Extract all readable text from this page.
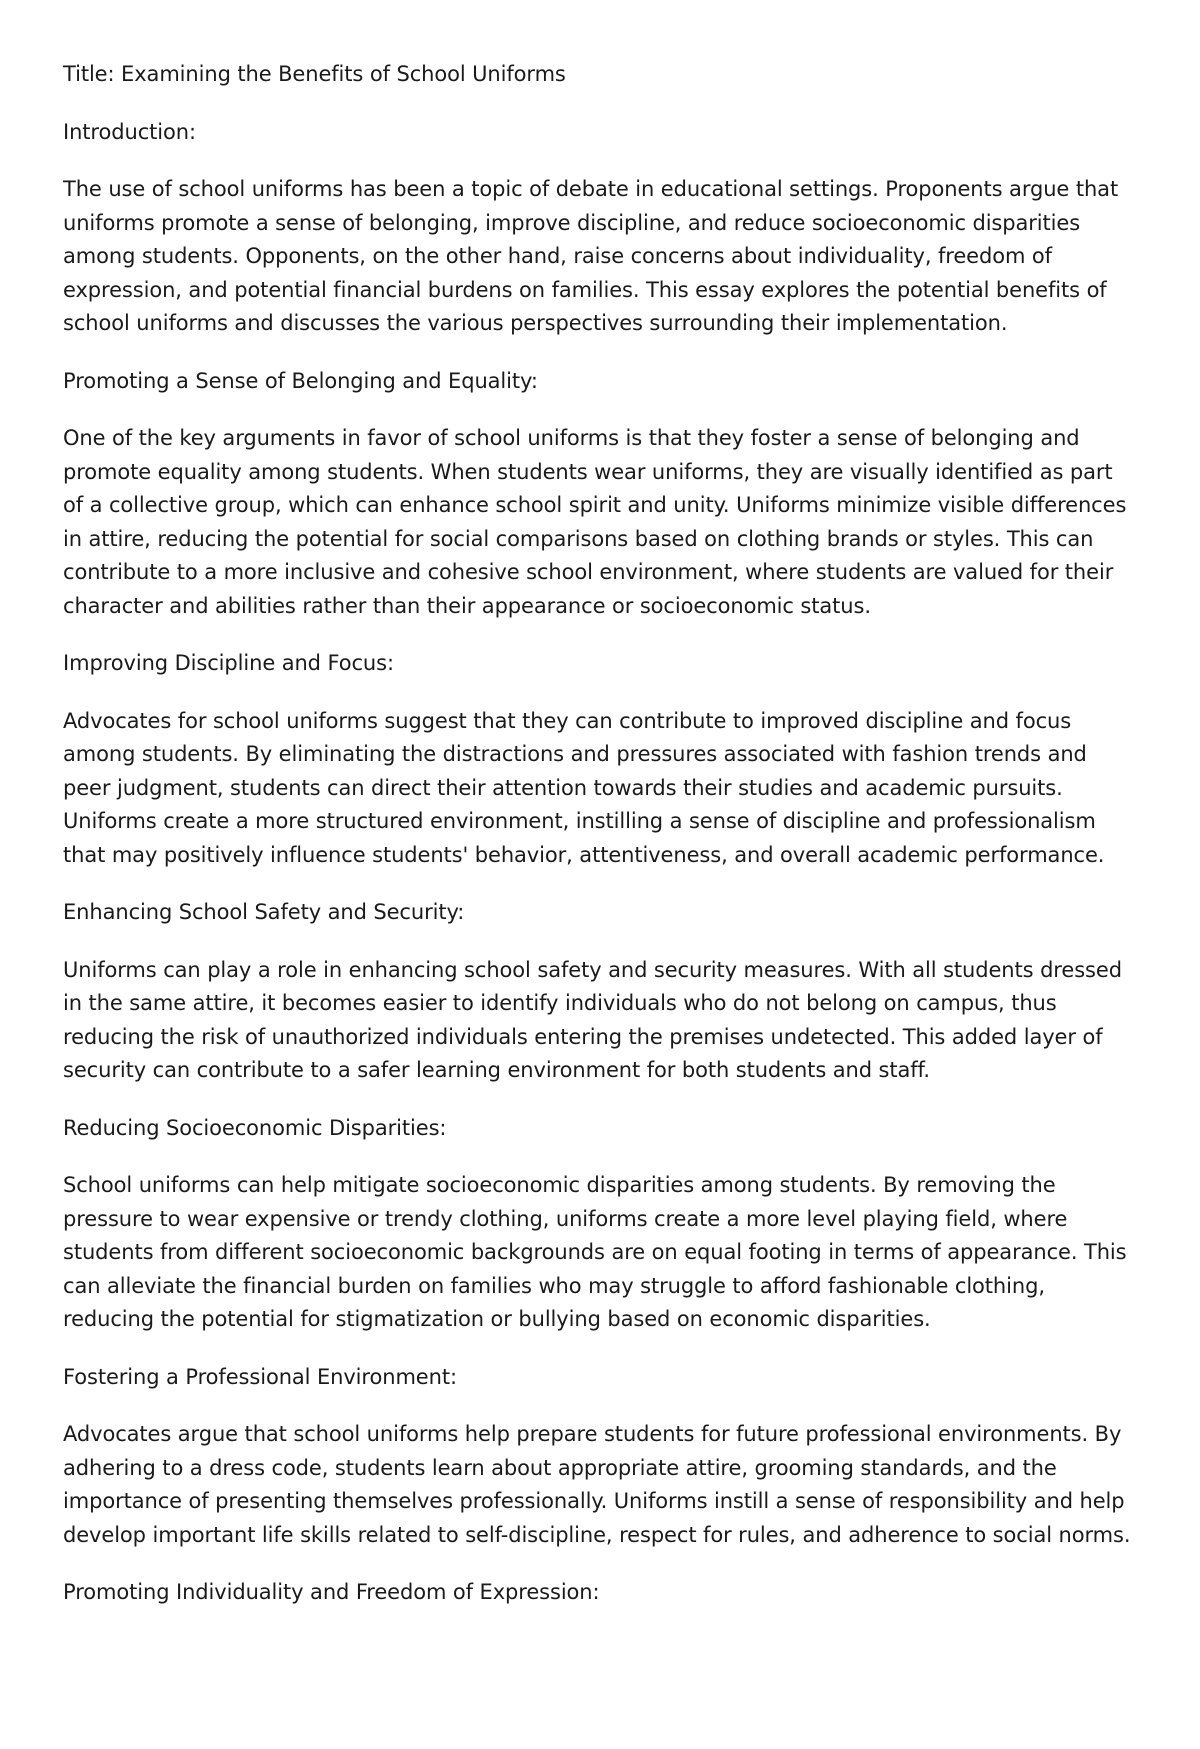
Title: Examining the Benefits of School Uniforms

Introduction:

The use of school uniforms has been a topic of debate in educational settings. Proponents argue that

uniforms promote a sense of belonging, improve discipline, and reduce socioeconomic disparities

among students. Opponents, on the other hand, raise concerns about individuality, freedom of

expression, and potential financial burdens on families. This essay explores the potential benefits of

school uniforms and discusses the various perspectives surrounding their implementation.

Promoting a Sense of Belonging and Equality:

One of the key arguments in favor of school uniforms is that they foster a sense of belonging and

promote equality among students. When students wear uniforms, they are visually identified as part

of a collective group, which can enhance school spirit and unity. Uniforms minimize visible differences

in attire, reducing the potential for social comparisons based on clothing brands or styles. This can

contribute to a more inclusive and cohesive school environment, where students are valued for their

character and abilities rather than their appearance or socioeconomic status.

Improving Discipline and Focus:

Advocates for school uniforms suggest that they can contribute to improved discipline and focus

among students. By eliminating the distractions and pressures associated with fashion trends and

peer judgment, students can direct their attention towards their studies and academic pursuits.

Uniforms create a more structured environment, instilling a sense of discipline and professionalism

that may positively influence students' behavior, attentiveness, and overall academic performance.

Enhancing School Safety and Security:

Uniforms can play a role in enhancing school safety and security measures. With all students dressed

in the same attire, it becomes easier to identify individuals who do not belong on campus, thus

reducing the risk of unauthorized individuals entering the premises undetected. This added layer of

security can contribute to a safer learning environment for both students and staff.

Reducing Socioeconomic Disparities:

School uniforms can help mitigate socioeconomic disparities among students. By removing the

pressure to wear expensive or trendy clothing, uniforms create a more level playing field, where

students from different socioeconomic backgrounds are on equal footing in terms of appearance. This

can alleviate the financial burden on families who may struggle to afford fashionable clothing,

reducing the potential for stigmatization or bullying based on economic disparities.

Fostering a Professional Environment:

Advocates argue that school uniforms help prepare students for future professional environments. By

adhering to a dress code, students learn about appropriate attire, grooming standards, and the

importance of presenting themselves professionally. Uniforms instill a sense of responsibility and help

develop important life skills related to self-discipline, respect for rules, and adherence to social norms.

Promoting Individuality and Freedom of Expression:
